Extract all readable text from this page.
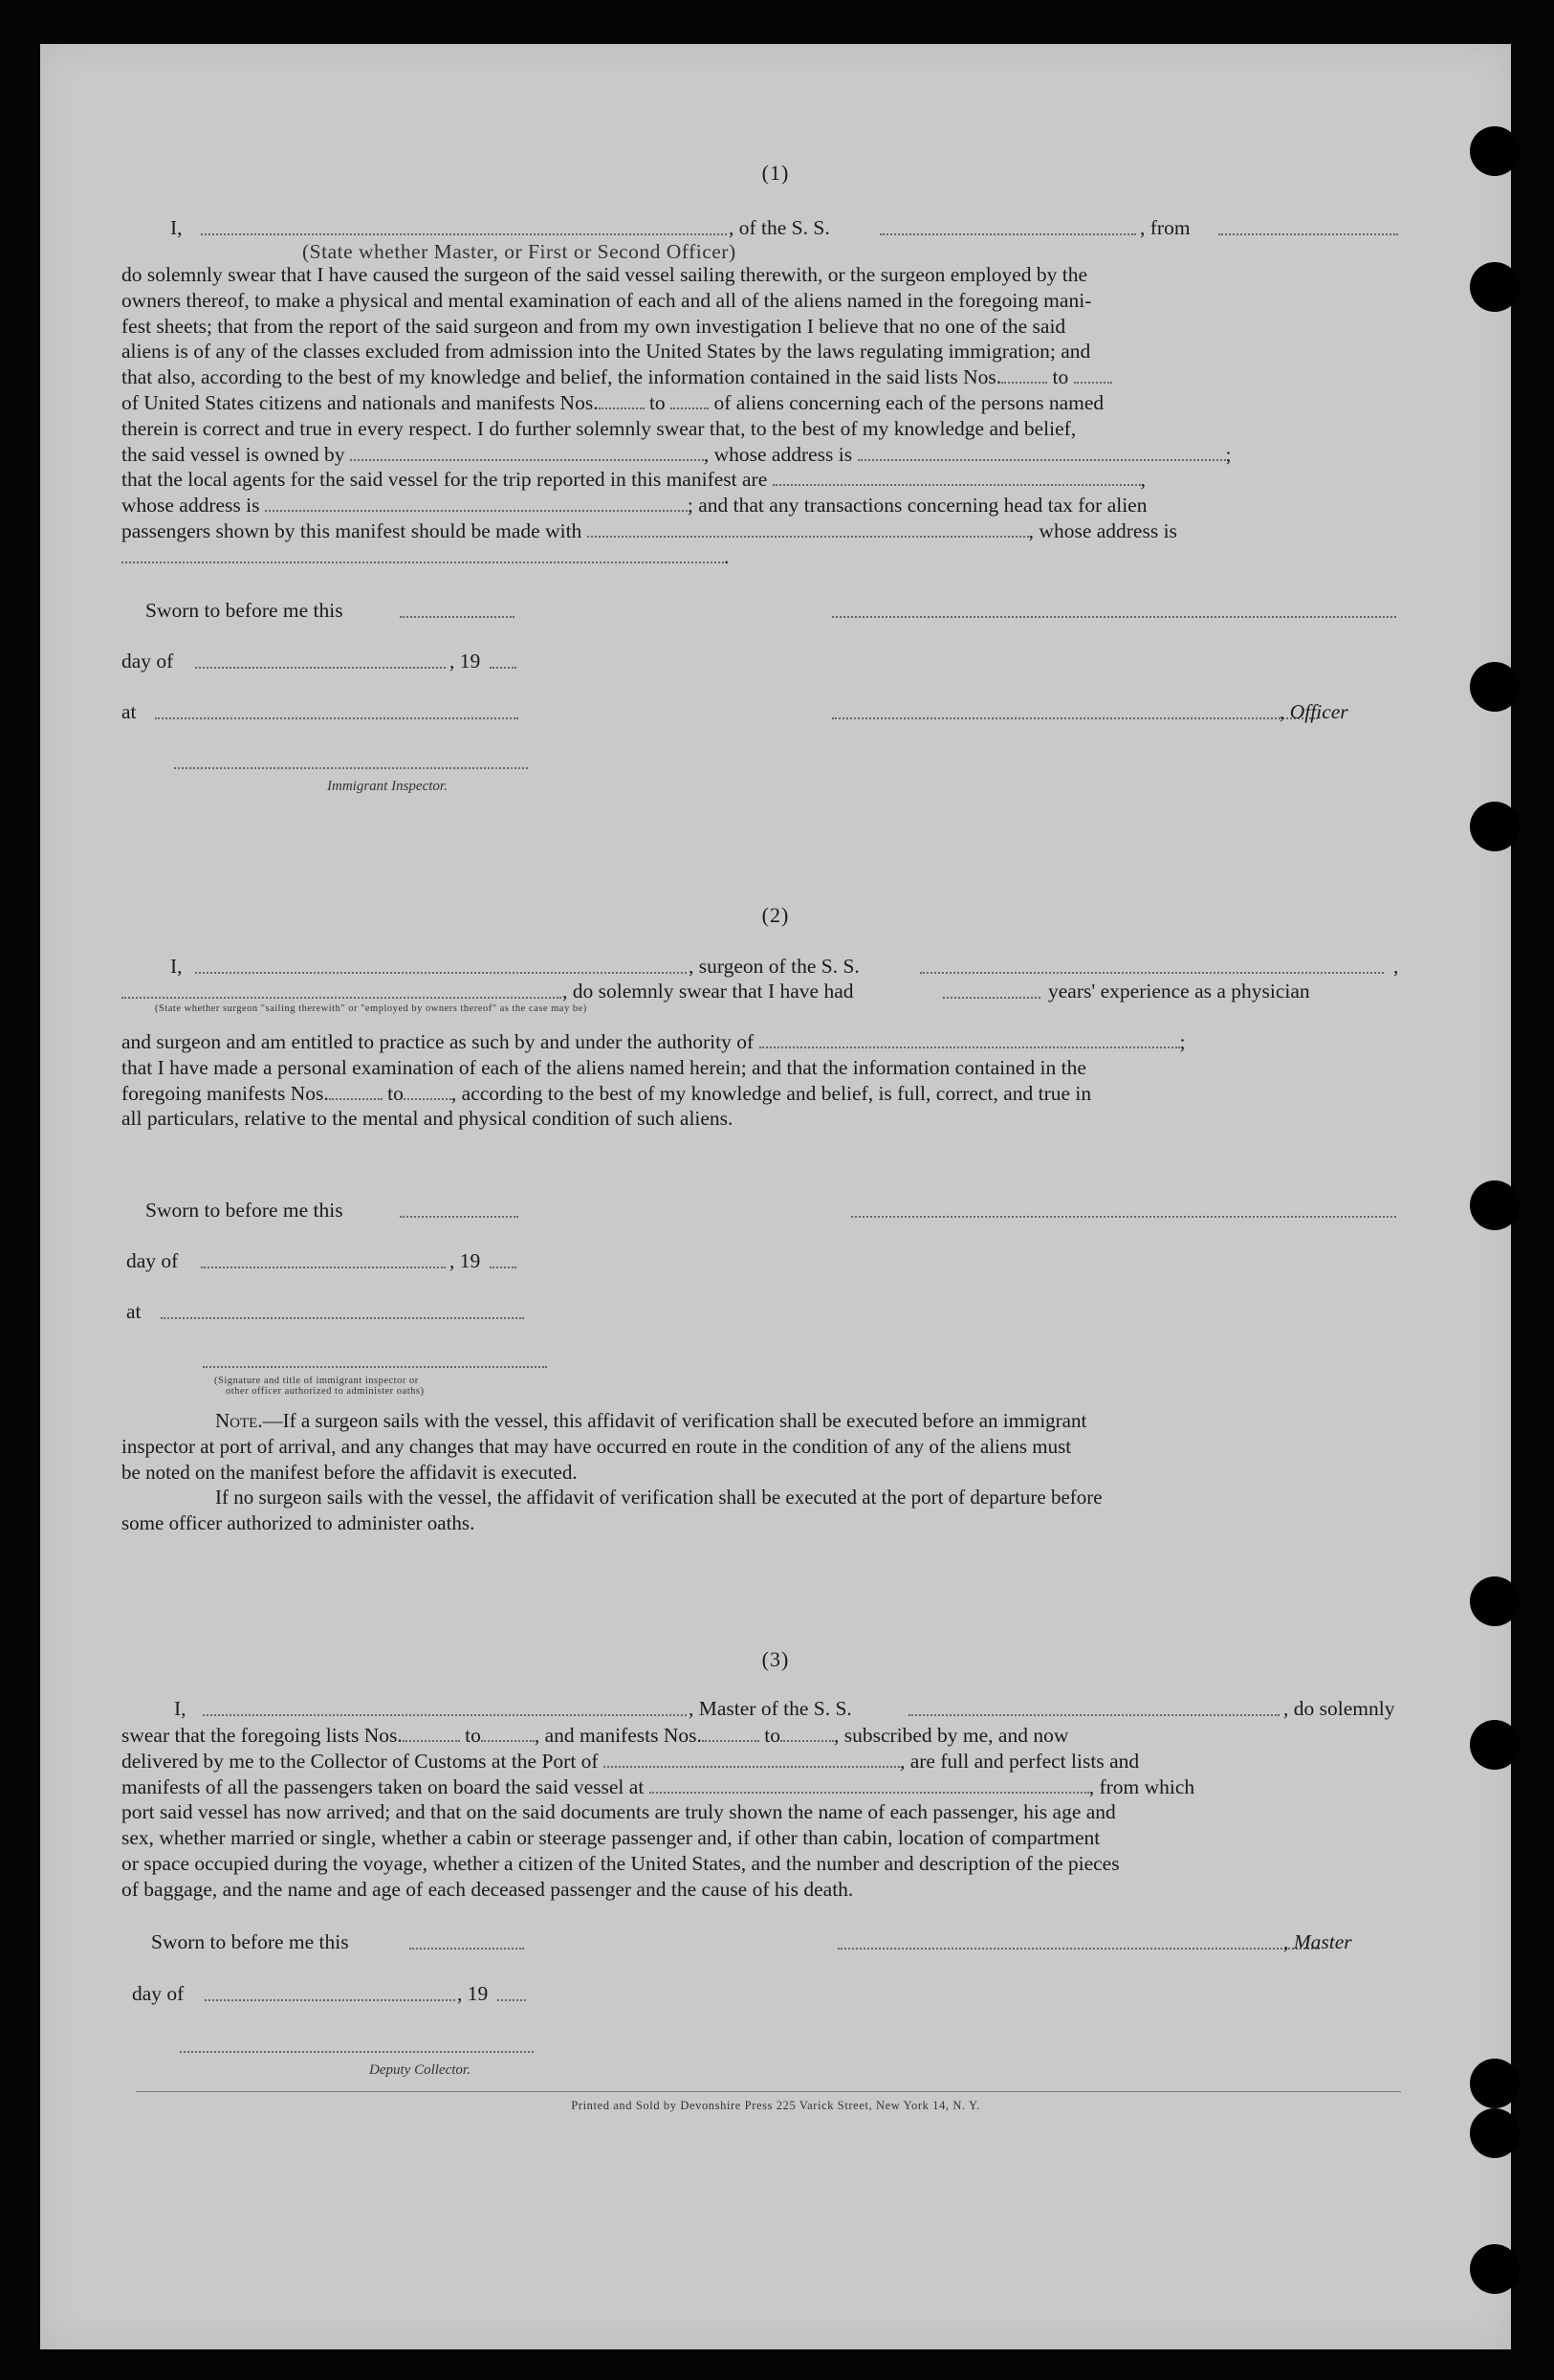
(1)
I,	, of the S. S.	, from
(State whether Master, or First or Second Officer)
do solemnly swear that I have caused the surgeon of the said vessel sailing therewith, or the surgeon employed by the
owners thereof, to make a physical and mental examination of each and all of the aliens named in the foregoing mani-
fest sheets; that from the report of the said surgeon and from my own investigation I believe that no one of the said
aliens is of any of the classes excluded from admission into the United States by the laws regulating immigration; and
that also, according to the best of my knowledge and belief, the information contained in the said lists Nos. to
of United States citizens and nationals and manifests Nos. to of aliens concerning each of the persons named
therein is correct and true in every respect. I do further solemnly swear that, to the best of my knowledge and belief,
the said vessel is owned by	, whose address is	;
that the local agents for the said vessel for the trip reported in this manifest are	,
whose address is	; and that any transactions concerning head tax for alien
passengers shown by this manifest should be made with	, whose address is
.
Sworn to before me this
day of	, 19
at	, Officer
Immigrant Inspector.
(2)
I,	, surgeon of the S. S.	,
, do solemnly swear that I have had	years' experience as a physician
(State whether surgeon "sailing therewith" or "employed by owners thereof" as the case may be)
and surgeon and am entitled to practice as such by and under the authority of	;
that I have made a personal examination of each of the aliens named herein; and that the information contained in the
foregoing manifests Nos.	to , according to the best of my knowledge and belief, is full, correct, and true in
all particulars, relative to the mental and physical condition of such aliens.
Sworn to before me this
day of	, 19
at
(Signature and title of immigrant inspector or
other officer authorized to administer oaths)
Note.—If a surgeon sails with the vessel, this affidavit of verification shall be executed before an immigrant
inspector at port of arrival, and any changes that may have occurred en route in the condition of any of the aliens must
be noted on the manifest before the affidavit is executed.
If no surgeon sails with the vessel, the affidavit of verification shall be executed at the port of departure before
some officer authorized to administer oaths.
(3)
I,	, Master of the S. S.	, do solemnly
swear that the foregoing lists Nos.	to	, and manifests Nos.	to	, subscribed by me, and now
delivered by me to the Collector of Customs at the Port of	, are full and perfect lists and
manifests of all the passengers taken on board the said vessel at	, from which
port said vessel has now arrived; and that on the said documents are truly shown the name of each passenger, his age and
sex, whether married or single, whether a cabin or steerage passenger and, if other than cabin, location of compartment
or space occupied during the voyage, whether a citizen of the United States, and the number and description of the pieces
of baggage, and the name and age of each deceased passenger and the cause of his death.
Sworn to before me this	, Master
day of	, 19
Deputy Collector.
Printed and Sold by Devonshire Press 225 Varick Street, New York 14, N. Y.
